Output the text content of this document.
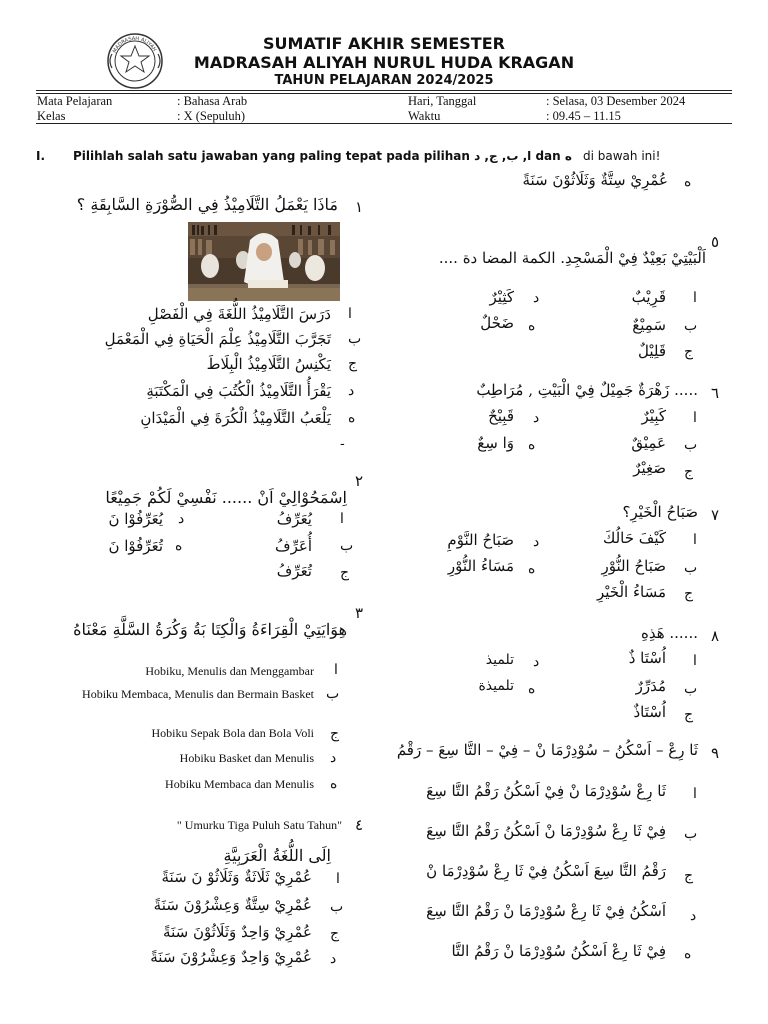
MADRASAH ALIYAH	SUMATIF AKHIR SEMESTER
MADRASAH ALIYAH NURUL HUDA KRAGAN
TAHUN PELAJARAN 2024/2025
Mata Pelajaran	: Bahasa Arab
Kelas	: X (Sepuluh)
Hari, Tanggal	: Selasa, 03 Desember 2024
Waktu	: 09.45 – 11.15
I. Pilihlah salah satu jawaban yang paling tepat pada pilihan ا, ب, ج, د dan ه di bawah ini!
١
مَاذَا يَعْمَلُ التَّلَامِيْذُ فِي الصُّوْرَةِ السَّابِقَةِ ؟
ا
دَرَسَ التَّلَامِيْذُ اللُّغَةَ فِي الْفَصْلِ
ب
تَجَرَّبَ التَّلَامِيْذُ عِلْمَ الْحَيَاةِ فِي الْمَعْمَلِ
ج
يَكْنِسُ التَّلَامِيْذُ الْبِلَاطَ
د
يَقْرَأُ التَّلَامِيْذُ الْكُتُبَ فِي الْمَكْتَبَةِ
ه
يَلْعَبُ التَّلَامِيْذُ الْكُرَةَ فِي الْمَيْدَانِ
-
٢
اِسْمَحُوْالِيْ اَنْ ...... نَفْسِيْ لَكُمْ جَمِيْعًا
ا
يُعَرِّفُ
ب
أُعَرِّفُ
ج
تُعَرِّفُ
د
يُعَرِّفُوْا نَ
ه
تُعَرِّفُوْا نَ
٣
هِوَايَتِيْ الْقِرَاءَةُ وَالْكِتَا بَةُ وَكُرَةُ السَّلَّةِ مَعْنَاهُ
ا
Hobiku, Menulis dan Menggambar
ب
Hobiku Membaca, Menulis dan Bermain Basket
ج
Hobiku Sepak Bola dan Bola Voli
د
Hobiku Basket dan Menulis
ه
Hobiku Membaca dan Menulis
٤
" Umurku Tiga Puluh Satu Tahun"
اِلَى اللُّغَةُ الْعَرَبِيَّةِ
ا
عُمْرِيْ ثَلَاثَةٌ وَثَلَاثُوْ نَ سَنَةً
ب
عُمْرِيْ سِتَّةٌ وَعِشْرُوْنَ سَنَةً
ج
عُمْرِيْ وَاحِدٌ وَثَلَاثُوْنَ سَنَةً
د
عُمْرِيْ وَاحِدٌ وَعِشْرُوْنَ سَنَةً
ه
عُمْرِيْ سِتَّةٌ وَثَلَاثُوْنَ سَنَةً
٥
اَلْبَيْتِيْ بَعِيْدٌ فِيْ الْمَسْجِدِ. الكمة المضا دة ....
ا
قَرِيْبٌ
ب
سَمِيْعٌ
ج
قَلِيْلٌ
د
كَثِيْرٌ
ه
ضَحْلٌ
٦
..... زَهْرَةٌ جَمِيْلٌ فِيْ الْبَيْتِ , مُرَاطِبٌ
ا
كَبِيْرٌ
ب
عَمِيْقٌ
ج
صَغِيْرٌ
د
قَبِيْحٌ
ه
وَا سِعٌ
٧
صَبَاحُ الْخَيْرِ؟
ا
كَيْفَ حَالُكَ
ب
صَبَاحُ النُّوْرِ
ج
مَسَاءُ الْخَيْرِ
د
صَبَاحُ النَّوْمِ
ه
مَسَاءُ النُّوْرِ
٨
...... هَذِهِ
ا
اُسْتَا ذٌ
ب
مُدَرِّرٌ
ج
اُسْتَاذٌ
د
تلميذ
ه
تلميذة
٩
ثَا رِعْ – اَسْكُنُ – سُوْدِرْمَا نْ – فِيْ – التَّا سِعَ – رَقْمُ
ا
ثَا رِعْ سُوْدِرْمَا نْ فِيْ اَسْكُنُ رَقْمُ التَّا سِعَ
ب
فِيْ ثَا رِعْ سُوْدِرْمَا نْ اَسْكُنُ رَقْمُ التَّا سِعَ
ج
رَقْمُ التَّا سِعَ اَسْكُنُ فِيْ ثَا رِعْ سُوْدِرْمَا نْ
د
اَسْكُنُ فِيْ ثَا رِعْ سُوْدِرْمَا نْ رَقْمُ التَّا سِعَ
ه
فِيْ ثَا رِعْ اَسْكُنُ سُوْدِرْمَا نْ رَقْمُ التَّا
